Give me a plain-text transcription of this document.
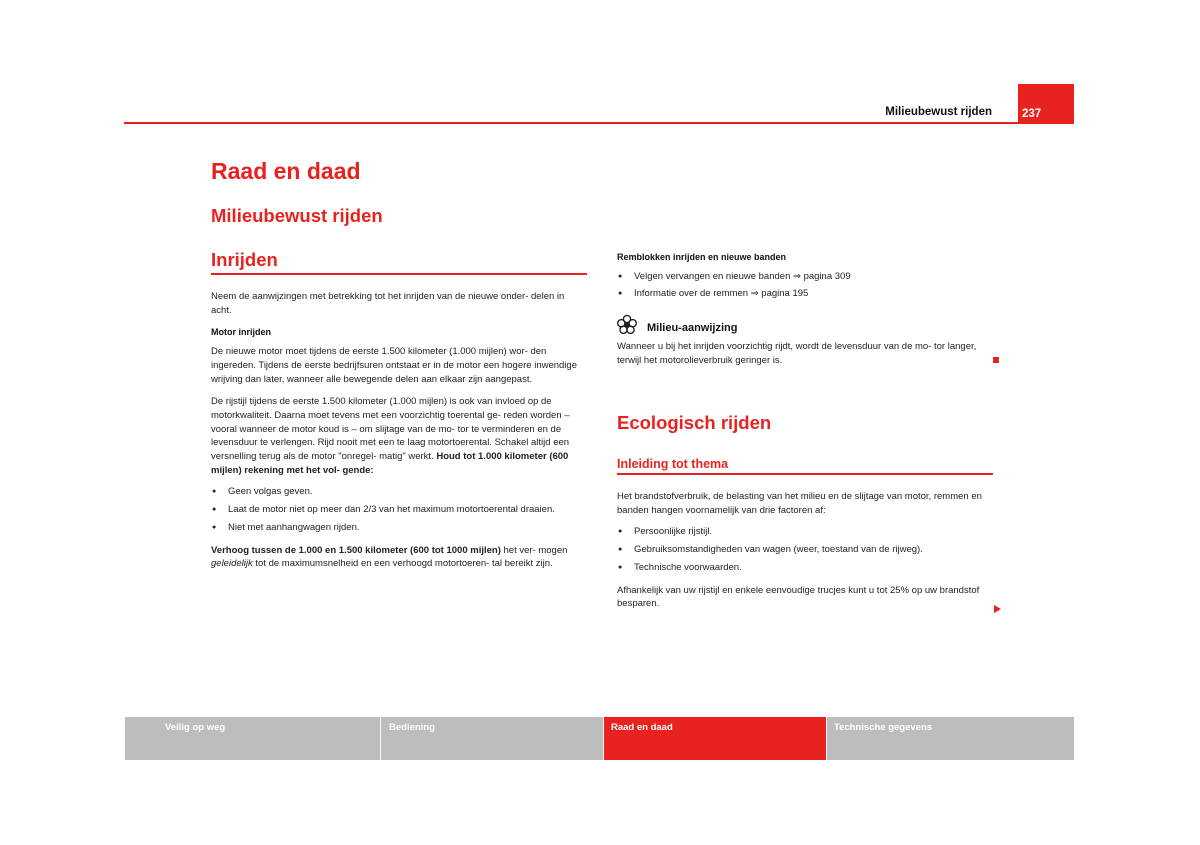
Milieubewust rijden	237
Raad en daad
Milieubewust rijden
Inrijden

Neem de aanwijzingen met betrekking tot het inrijden van de nieuwe onder- delen in acht.

Motor inrijden

De nieuwe motor moet tijdens de eerste 1.500 kilometer (1.000 mijlen) wor- den ingereden. Tijdens de eerste bedrijfsuren ontstaat er in de motor een hogere inwendige wrijving dan later, wanneer alle bewegende delen aan elkaar zijn aangepast.

De rijstijl tijdens de eerste 1.500 kilometer (1.000 mijlen) is ook van invloed op de motorkwaliteit. Daarna moet tevens met een voorzichtig toerental ge- reden worden – vooral wanneer de motor koud is – om slijtage van de mo- tor te verminderen en de levensduur te verlengen. Rijd nooit met een te laag motortoerental. Schakel altijd een versnelling terug als de motor "onregel- matig" werkt. Houd tot 1.000 kilometer (600 mijlen) rekening met het vol- gende:

● Geen volgas geven.

● Laat de motor niet op meer dan 2/3 van het maximum motortoerental draaien.

● Niet met aanhangwagen rijden.

Verhoog tussen de 1.000 en 1.500 kilometer (600 tot 1000 mijlen) het ver- mogen geleidelijk tot de maximumsnelheid en een verhoogd motortoeren- tal bereikt zijn.

Remblokken inrijden en nieuwe banden

● Velgen vervangen en nieuwe banden ⇒ pagina 309

● Informatie over de remmen ⇒ pagina 195

Milieu-aanwijzing
Wanneer u bij het inrijden voorzichtig rijdt, wordt de levensduur van de mo- tor langer, terwijl het motorolieverbruik geringer is.
Ecologisch rijden
Inleiding tot thema

Het brandstofverbruik, de belasting van het milieu en de slijtage van motor, remmen en banden hangen voornamelijk van drie factoren af:

● Persoonlijke rijstijl.

● Gebruiksomstandigheden van wagen (weer, toestand van de rijweg).

● Technische voorwaarden.

Afhankelijk van uw rijstijl en enkele eenvoudige trucjes kunt u tot 25% op uw brandstof besparen.

Veilig op weg	Bediening	Raad en daad	Technische gegevens
